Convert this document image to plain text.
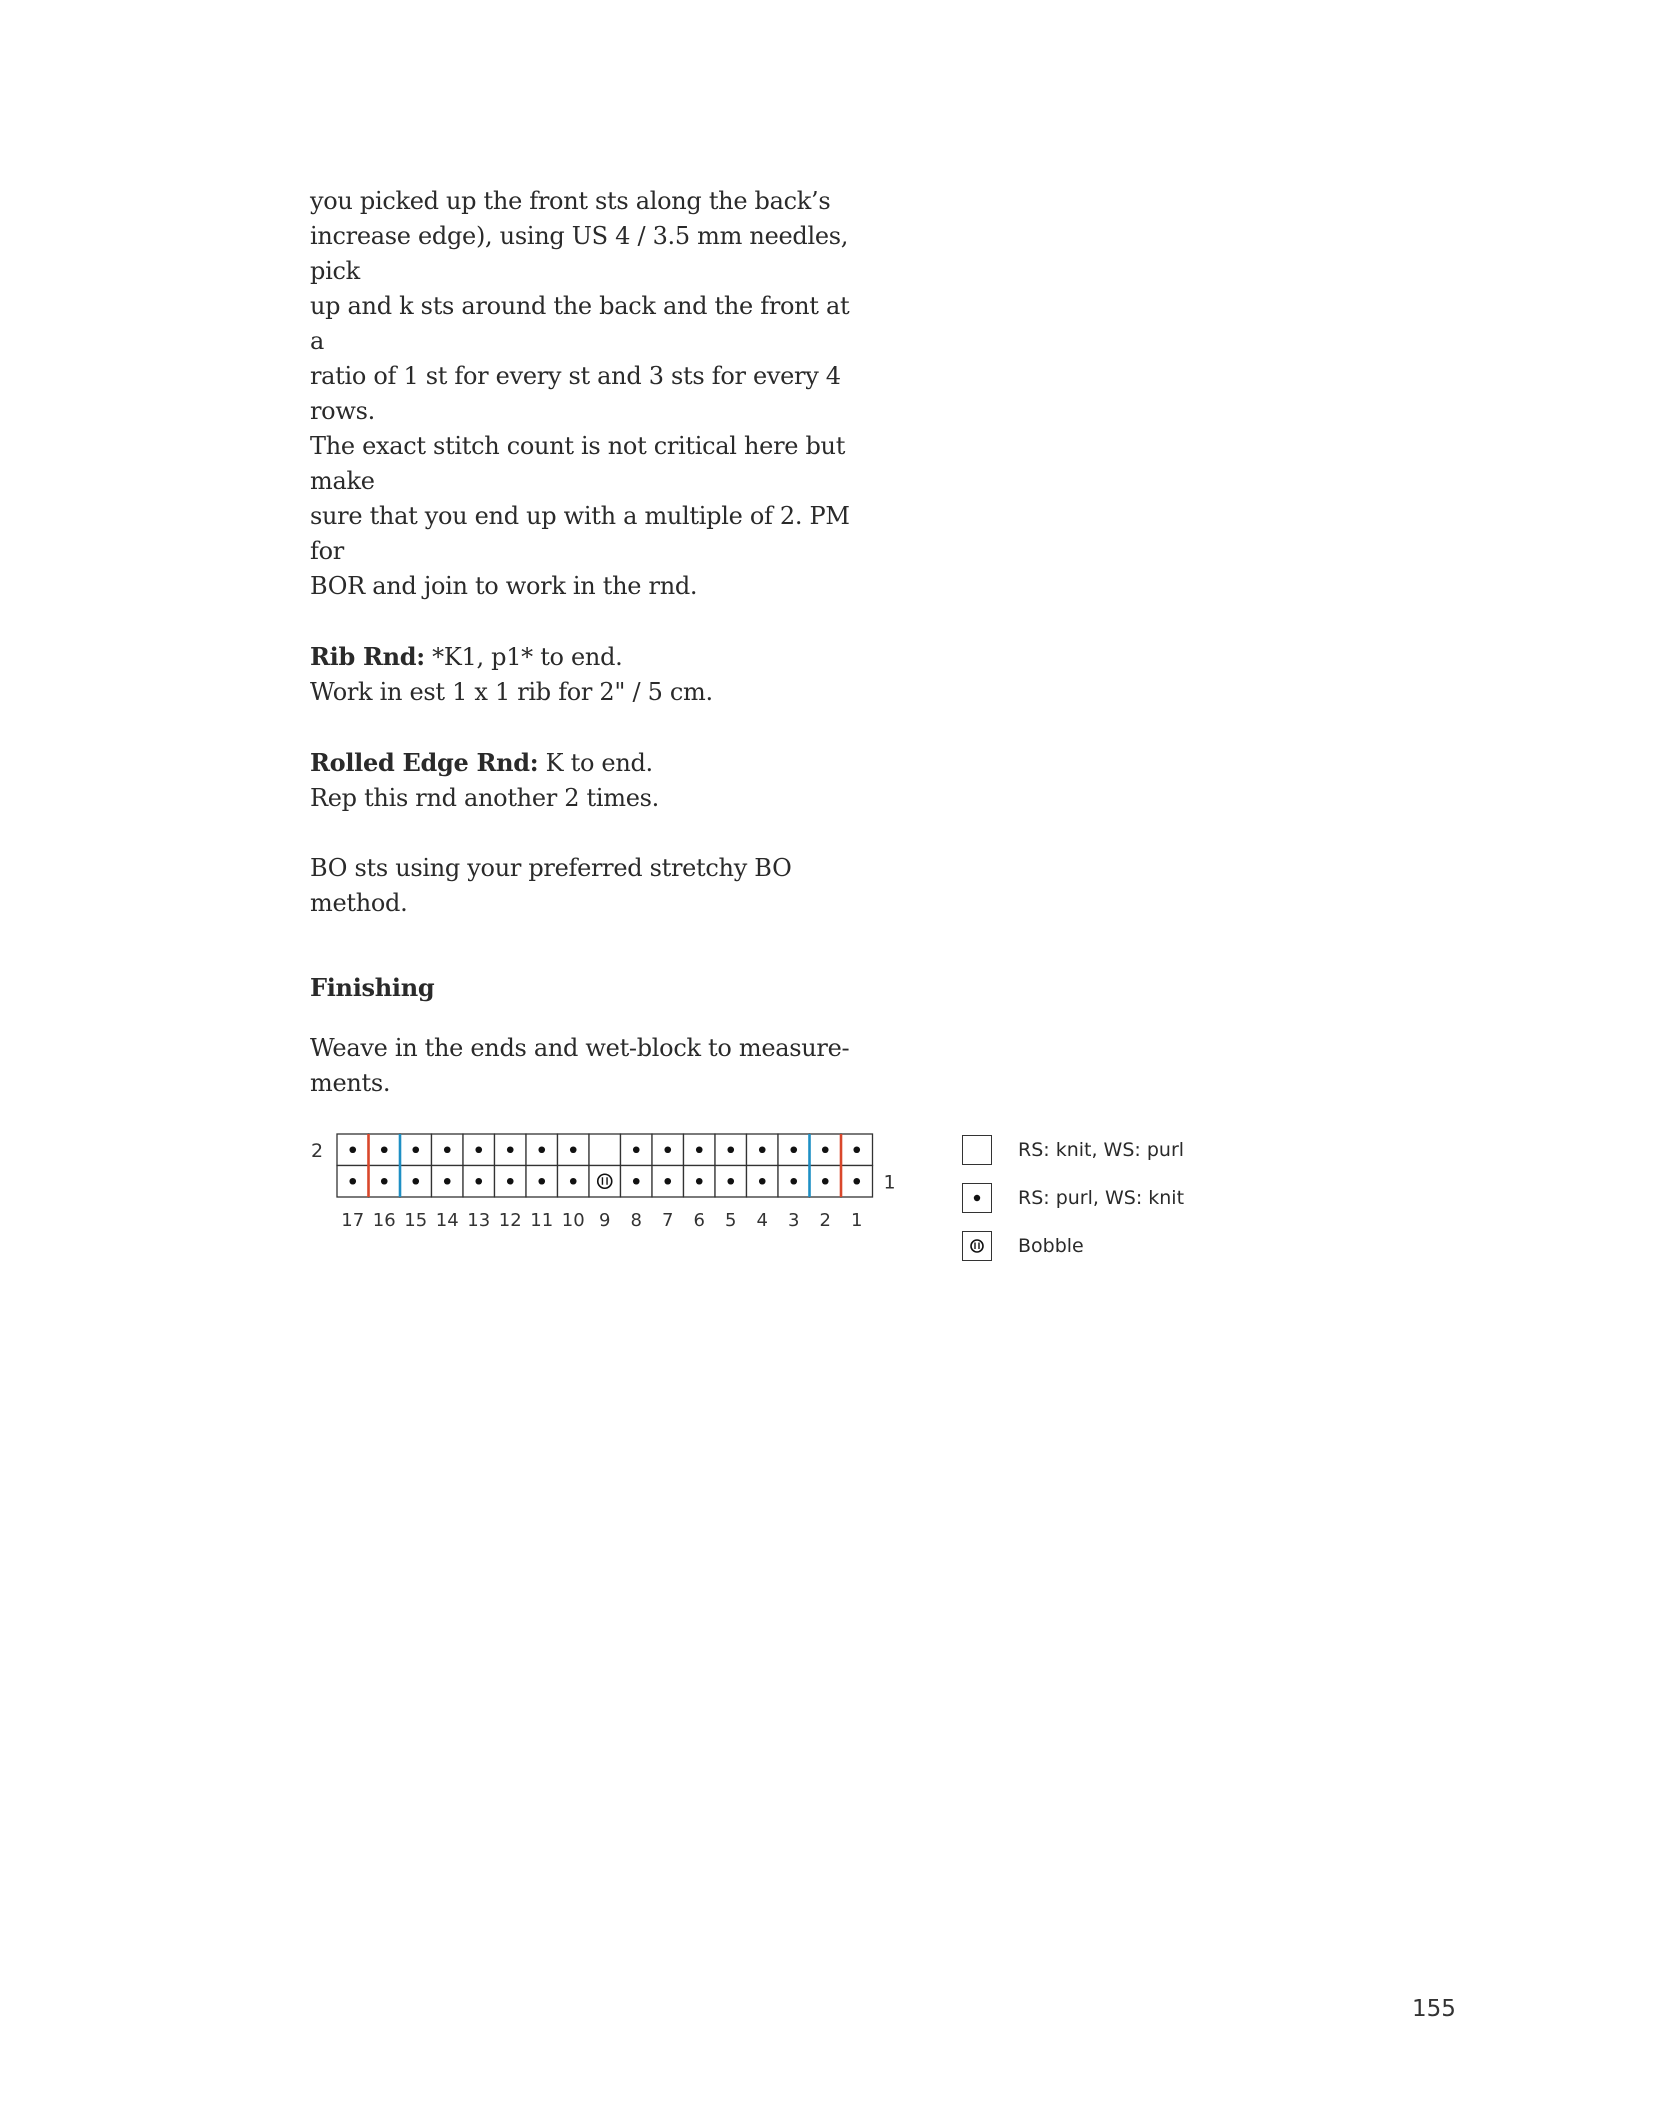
you picked up the front sts along the back’s

increase edge), using US 4 / 3.5 mm needles, pick

up and k sts around the back and the front at a

ratio of 1 st for every st and 3 sts for every 4 rows.

The exact stitch count is not critical here but make

sure that you end up with a multiple of 2. PM for

BOR and join to work in the rnd.

Rib Rnd: *K1, p1* to end.

Work in est 1 x 1 rib for 2" / 5 cm.

Rolled Edge Rnd: K to end.

Rep this rnd another 2 times.

BO sts using your preferred stretchy BO method.

Finishing

Weave in the ends and wet-block to measure-

ments.

2
1
17 16 15 14 13 12 11 10 9 8 7 6 5 4 3 2 1
RS: knit, WS: purl
RS: purl, WS: knit
Bobble
155
